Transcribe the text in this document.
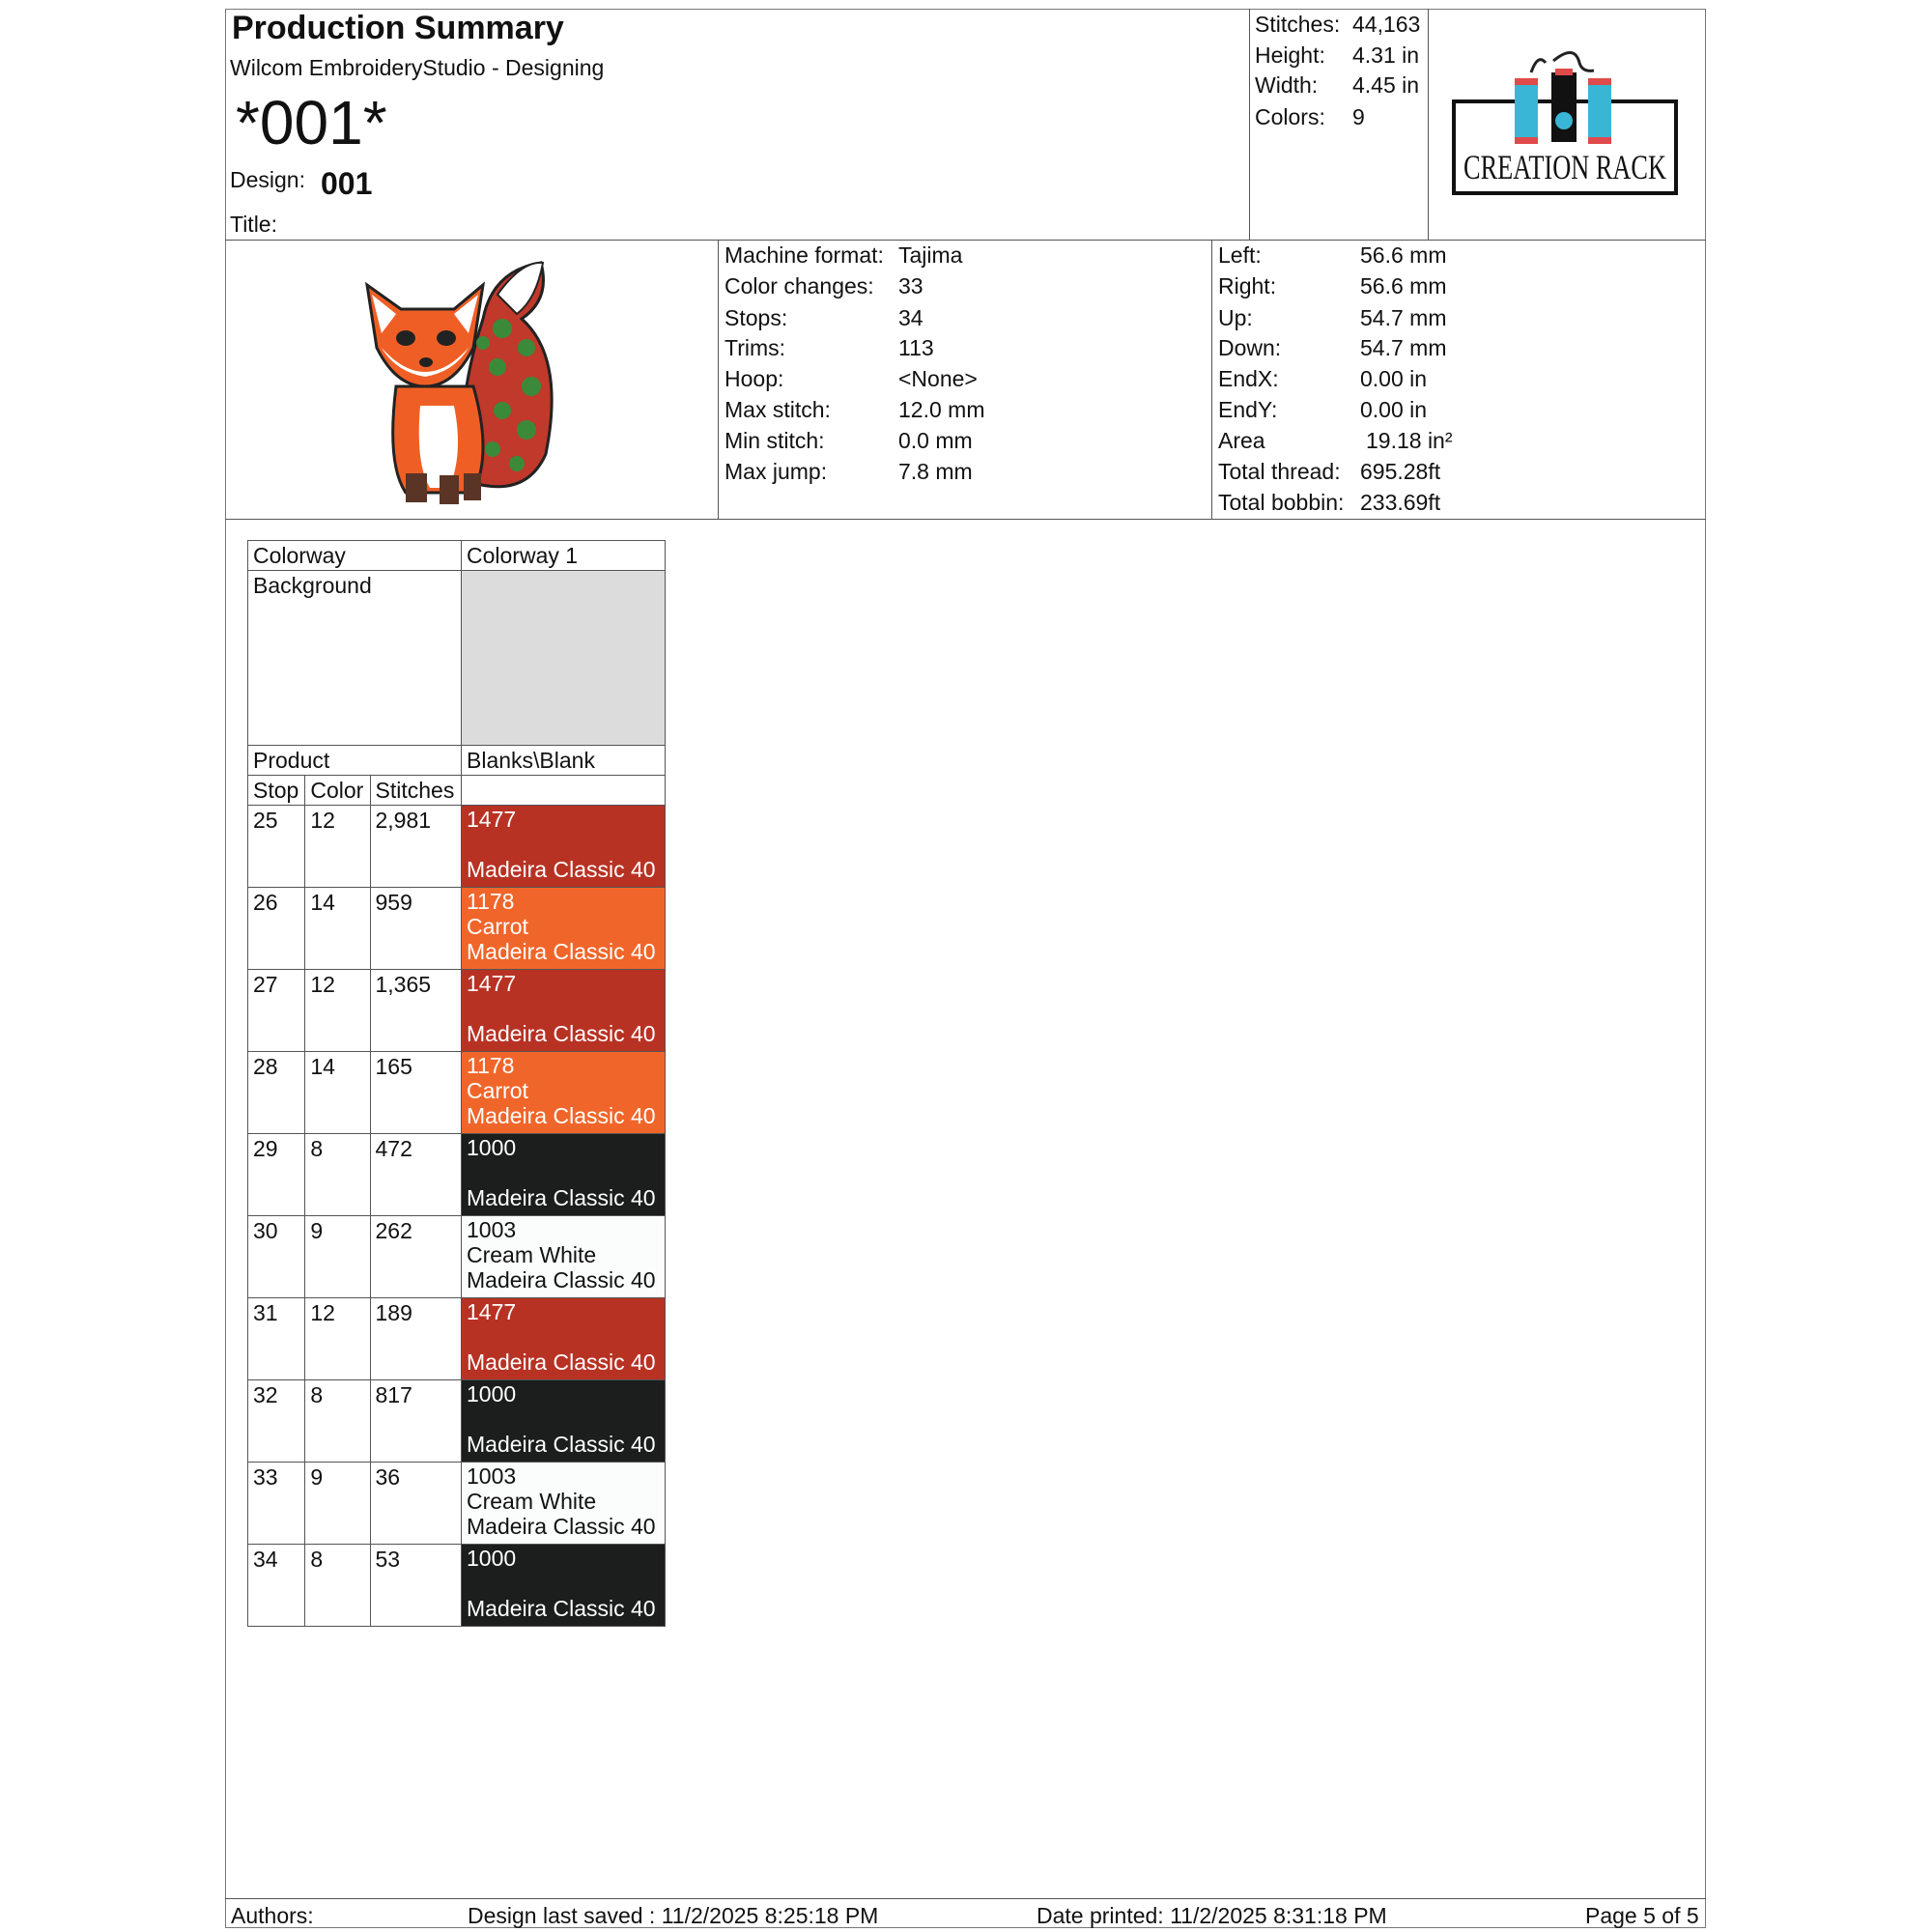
Production Summary
Wilcom EmbroideryStudio - Designing
*001*
Design: 001
Title:
Stitches: 44,163
Height: 4.31 in
Width: 4.45 in
Colors: 9
CREATION RACK
Machine format: Tajima
Color changes: 33
Stops:	34
Trims:	113
Hoop:	<None>
Max stitch:	12.0 mm
Min stitch:	0.0 mm
Max jump:	7.8 mm
Left:	56.6 mm
Right:	56.6 mm
Up:	54.7 mm
Down:	54.7 mm
EndX:	0.00 in
EndY:	0.00 in
Area	19.18 in²
Total thread: 695.28ft
Total bobbin: 233.69ft
Colorway			Colorway 1
Background			
Product			Blanks\Blank
Stop	Color	Stitches	
25	12	2,981	1477
Madeira Classic 40

26	14	959	1178
Carrot
Madeira Classic 40

27	12	1,365	1477
Madeira Classic 40

28	14	165	1178
Carrot
Madeira Classic 40

29	8	472	1000
Madeira Classic 40

30	9	262	1003
Cream White
Madeira Classic 40

31	12	189	1477
Madeira Classic 40

32	8	817	1000
Madeira Classic 40

33	9	36	1003
Cream White
Madeira Classic 40

34	8	53	1000
Madeira Classic 40
Authors:	Design last saved : 11/2/2025 8:25:18 PM	Date printed: 11/2/2025 8:31:18 PM	Page 5 of 5
